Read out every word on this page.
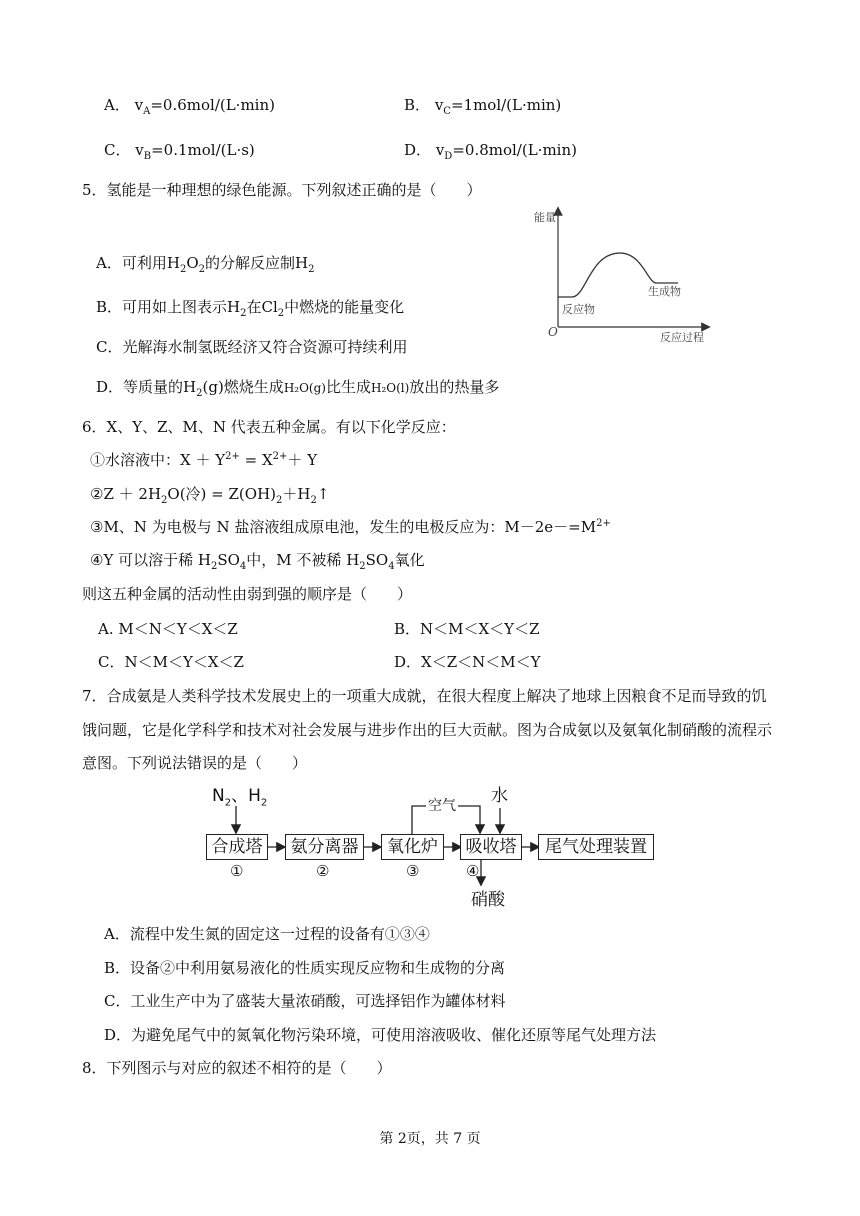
A． $v_A=0.6mol/(L\cdot\min)$	B． $v_C=1mol/(L\cdot\min)$
C． $v_B=0.1mol/(L\cdot s)$	D． $v_D=0.8mol/(L\cdot\min)$
5．氢能是一种理想的绿色能源。下列叙述正确的是（　　）
能量
O	反应过程
反应物
生成物
A．可利用$H_2O_2$的分解反应制$H_2$
B．可用如上图表示$H_2$在$Cl_2$中燃烧的能量变化
C．光解海水制氢既经济又符合资源可持续利用
D．等质量的$H_2(g)$燃烧生成H₂O(g)比生成H₂O(l)放出的热量多
6．X、Y、Z、M、N 代表五种金属。有以下化学反应：
①水溶液中：$X + Y^{2+} = X^{2+}+ Y$
②Z ＋ $2H_2O$(冷) = $Z(OH)_2+H_2↑$
③M、N 为电极与 N 盐溶液组成原电池，发生的电极反应为：$M-2e-=M^{2+}$
④Y 可以溶于稀 $H_2SO_4$中，M 不被稀 $H_2SO_4$氧化
则这五种金属的活动性由弱到强的顺序是（　　）
A. M＜N＜Y＜X＜Z	B．N＜M＜X＜Y＜Z
C．N＜M＜Y＜X＜Z	D．X＜Z＜N＜M＜Y
7．合成氨是人类科学技术发展史上的一项重大成就，在很大程度上解决了地球上因粮食不足而导致的饥
饿问题，它是化学科学和技术对社会发展与进步作出的巨大贡献。图为合成氨以及氨氧化制硝酸的流程示
意图。下列说法错误的是（　　）
$N_2$、$H_2$	空气 水
合成塔	氨分离器	氧化炉	吸收塔	尾气处理装置
①	②	③	④
硝酸
A．流程中发生氮的固定这一过程的设备有①③④
B．设备②中利用氨易液化的性质实现反应物和生成物的分离
C．工业生产中为了盛装大量浓硝酸，可选择铝作为罐体材料
D．为避免尾气中的氮氧化物污染环境，可使用溶液吸收、催化还原等尾气处理方法
8．下列图示与对应的叙述不相符的是（　　）
第 2页，共 7 页
